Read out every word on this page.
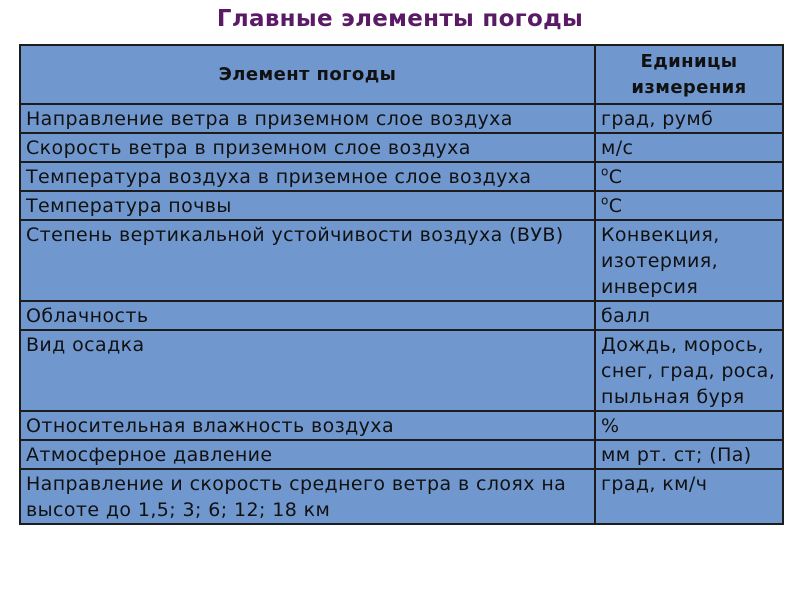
Главные элементы погоды
Элемент погоды	Единицы измерения
Направление ветра в приземном слое воздуха	град, румб
Скорость ветра в приземном слое воздуха	м/с
Температура воздуха в приземное слое воздуха	$^о$С
Температура почвы	$^о$С
Степень вертикальной устойчивости воздуха (ВУВ)	Конвекция, изотермия, инверсия
Облачность	балл
Вид осадка	Дождь, морось, снег, град, роса, пыльная буря
Относительная влажность воздуха	%
Атмосферное давление	мм рт. ст; (Па)
Направление и скорость среднего ветра в слоях на высоте до 1,5; 3; 6; 12; 18 км	град, км/ч
